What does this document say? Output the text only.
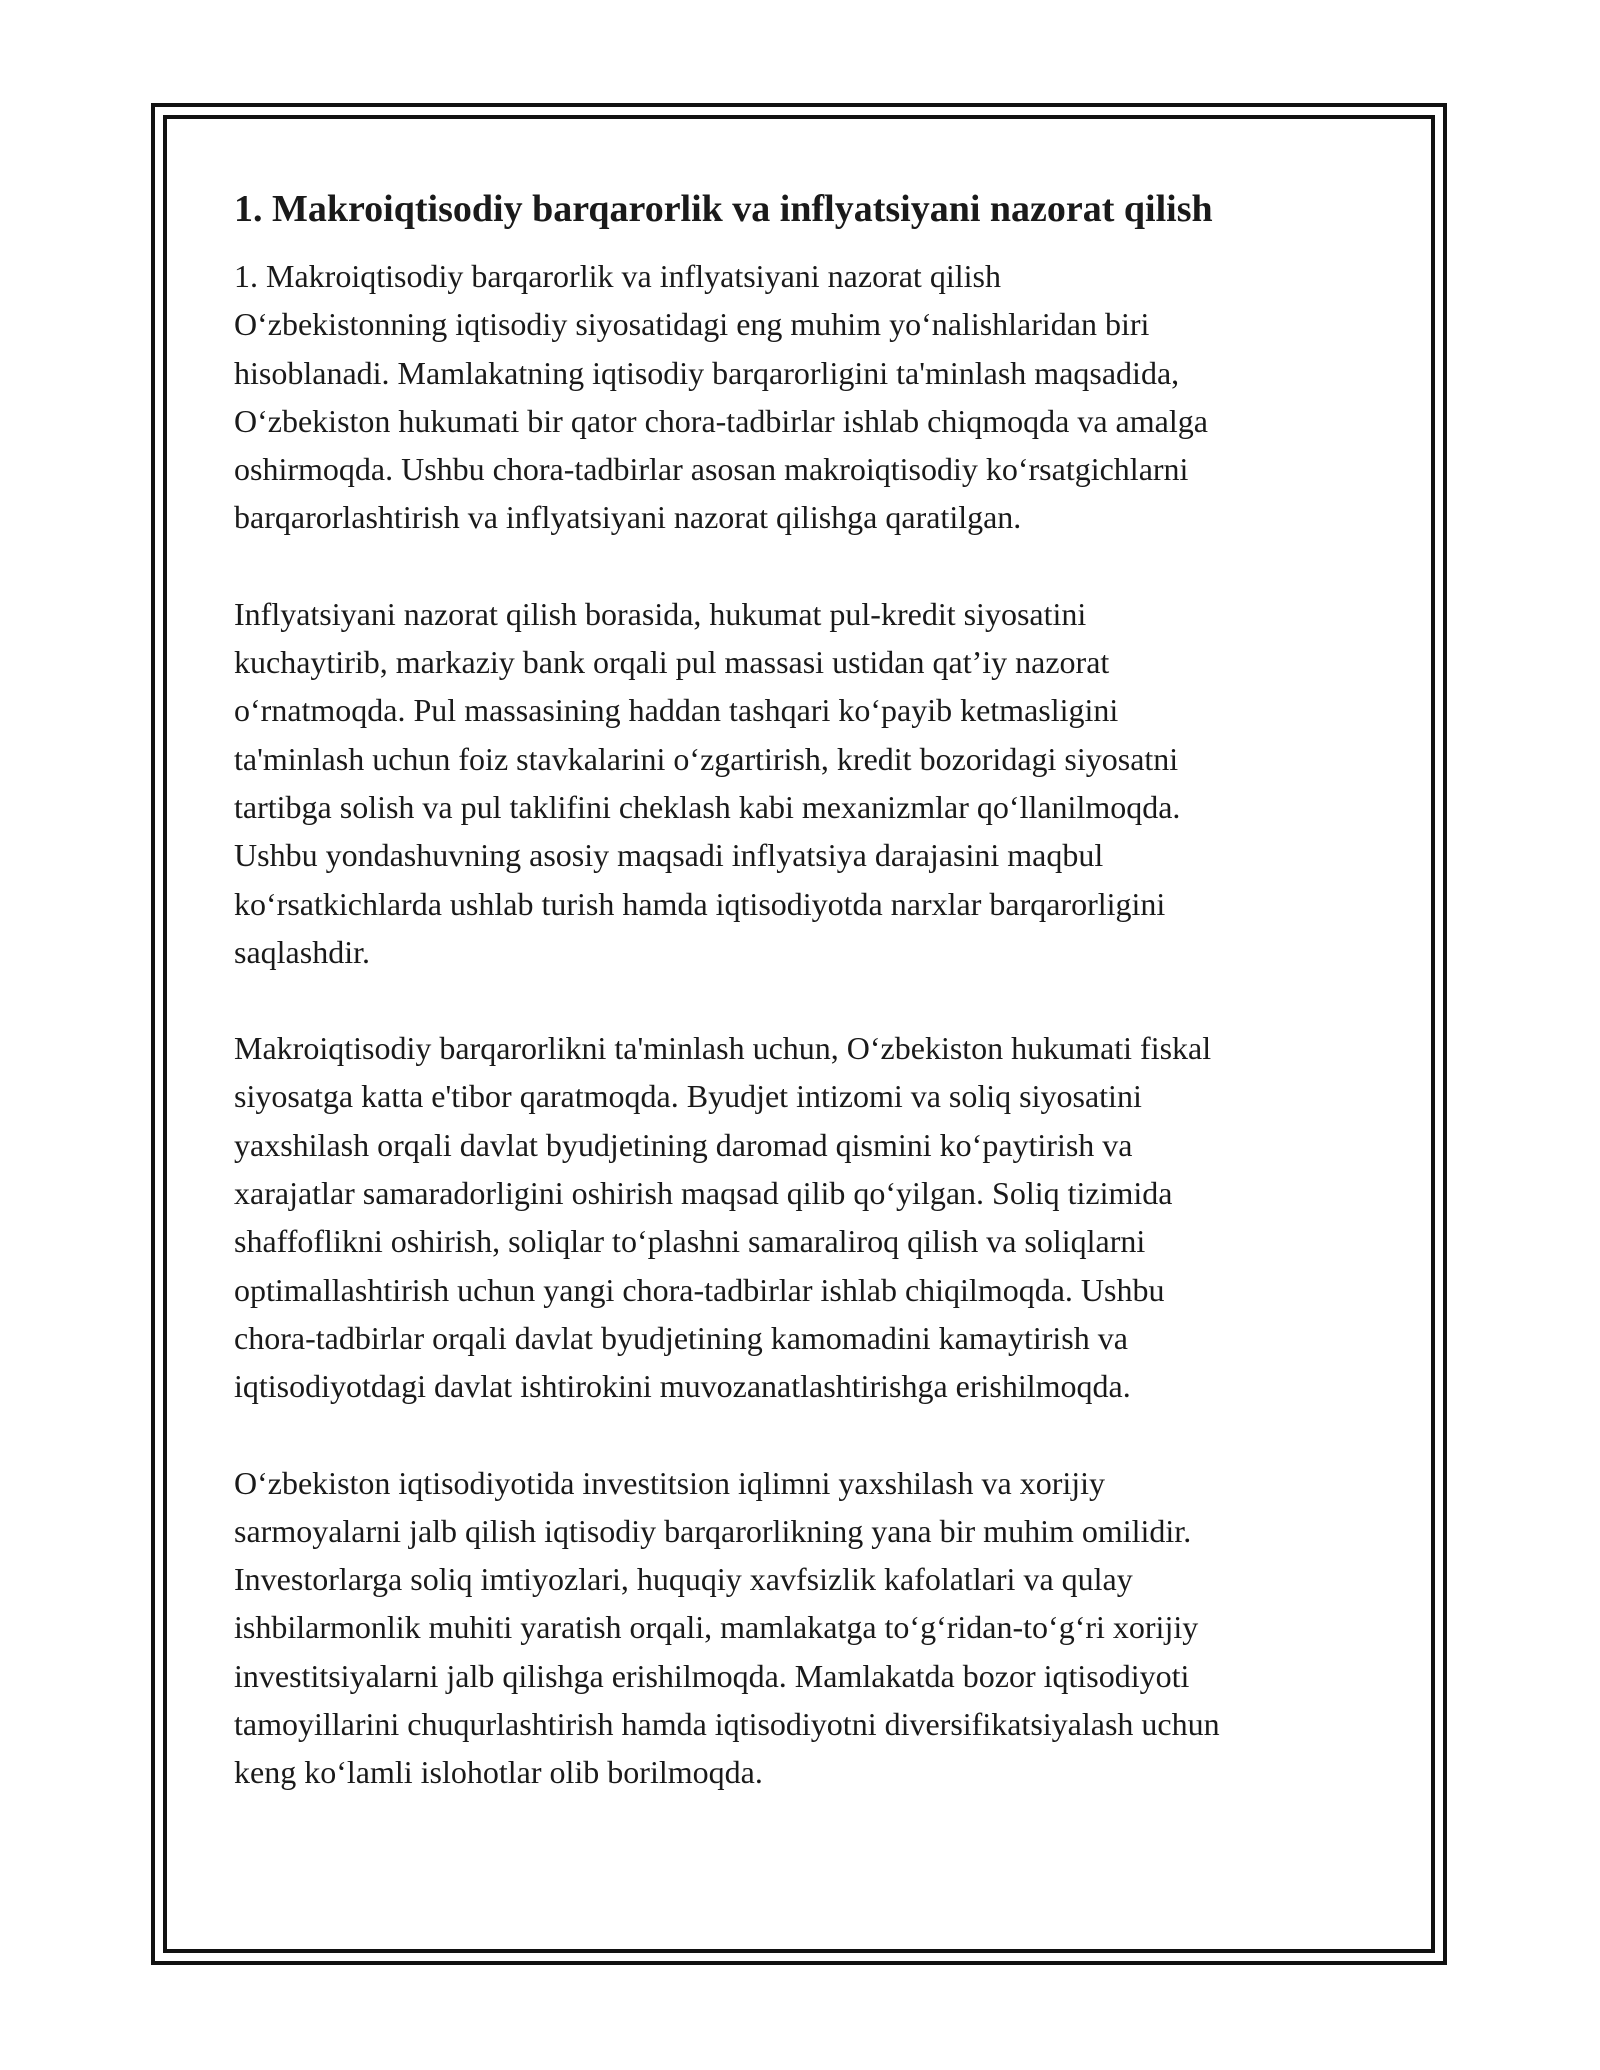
1. Makroiqtisodiy barqarorlik va inflyatsiyani nazorat qilish

1. Makroiqtisodiy barqarorlik va inflyatsiyani nazorat qilish
O‘zbekistonning iqtisodiy siyosatidagi eng muhim yo‘nalishlaridan biri
hisoblanadi. Mamlakatning iqtisodiy barqarorligini ta'minlash maqsadida,
O‘zbekiston hukumati bir qator chora-tadbirlar ishlab chiqmoqda va amalga
oshirmoqda. Ushbu chora-tadbirlar asosan makroiqtisodiy ko‘rsatgichlarni
barqarorlashtirish va inflyatsiyani nazorat qilishga qaratilgan.

Inflyatsiyani nazorat qilish borasida, hukumat pul-kredit siyosatini
kuchaytirib, markaziy bank orqali pul massasi ustidan qat’iy nazorat
o‘rnatmoqda. Pul massasining haddan tashqari ko‘payib ketmasligini
ta'minlash uchun foiz stavkalarini o‘zgartirish, kredit bozoridagi siyosatni
tartibga solish va pul taklifini cheklash kabi mexanizmlar qo‘llanilmoqda.
Ushbu yondashuvning asosiy maqsadi inflyatsiya darajasini maqbul
ko‘rsatkichlarda ushlab turish hamda iqtisodiyotda narxlar barqarorligini
saqlashdir.

Makroiqtisodiy barqarorlikni ta'minlash uchun, O‘zbekiston hukumati fiskal
siyosatga katta e'tibor qaratmoqda. Byudjet intizomi va soliq siyosatini
yaxshilash orqali davlat byudjetining daromad qismini ko‘paytirish va
xarajatlar samaradorligini oshirish maqsad qilib qo‘yilgan. Soliq tizimida
shaffoflikni oshirish, soliqlar to‘plashni samaraliroq qilish va soliqlarni
optimallashtirish uchun yangi chora-tadbirlar ishlab chiqilmoqda. Ushbu
chora-tadbirlar orqali davlat byudjetining kamomadini kamaytirish va
iqtisodiyotdagi davlat ishtirokini muvozanatlashtirishga erishilmoqda.

O‘zbekiston iqtisodiyotida investitsion iqlimni yaxshilash va xorijiy
sarmoyalarni jalb qilish iqtisodiy barqarorlikning yana bir muhim omilidir.
Investorlarga soliq imtiyozlari, huquqiy xavfsizlik kafolatlari va qulay
ishbilarmonlik muhiti yaratish orqali, mamlakatga to‘g‘ridan-to‘g‘ri xorijiy
investitsiyalarni jalb qilishga erishilmoqda. Mamlakatda bozor iqtisodiyoti
tamoyillarini chuqurlashtirish hamda iqtisodiyotni diversifikatsiyalash uchun
keng ko‘lamli islohotlar olib borilmoqda.
